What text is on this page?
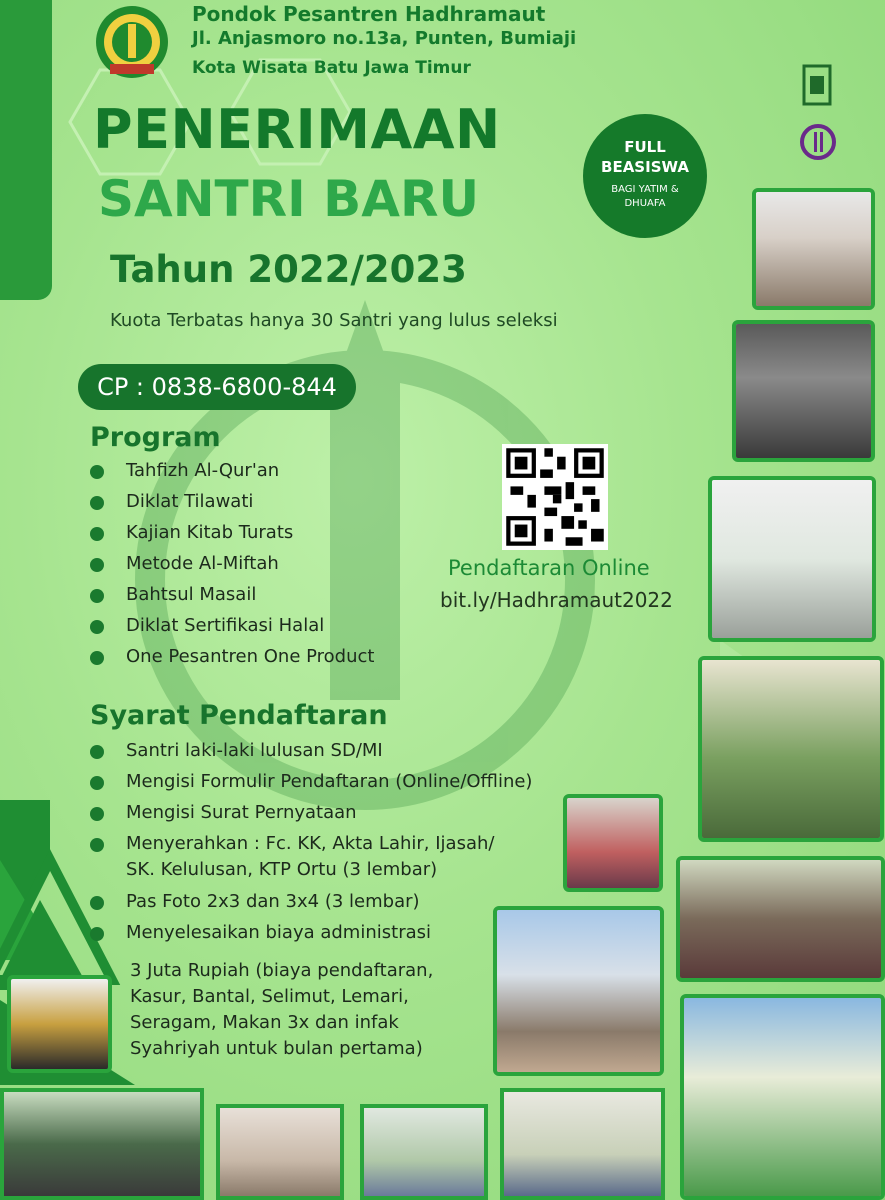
Pondok Pesantren Hadhramaut
Jl. Anjasmoro no.13a, Punten, Bumiaji
Kota Wisata Batu Jawa Timur
PENERIMAAN
SANTRI BARU
Tahun 2022/2023
Kuota Terbatas hanya 30 Santri yang lulus seleksi
CP : 0838-6800-844
FULL
BEASISWA
BAGI YATIM &
DHUAFA
Program
Tahfizh Al-Qur'an
Diklat Tilawati
Kajian Kitab Turats
Metode Al-Miftah
Bahtsul Masail
Diklat Sertifikasi Halal
One Pesantren One Product
Syarat Pendaftaran
Santri laki-laki lulusan SD/MI
Mengisi Formulir Pendaftaran (Online/Offline)
Mengisi Surat Pernyataan
Menyerahkan : Fc. KK, Akta Lahir, Ijasah/
SK. Kelulusan, KTP Ortu (3 lembar)
Pas Foto 2x3 dan 3x4 (3 lembar)
Menyelesaikan biaya administrasi
3 Juta Rupiah (biaya pendaftaran,
Kasur, Bantal, Selimut, Lemari,
Seragam, Makan 3x dan infak
Syahriyah untuk bulan pertama)
Pendaftaran Online
bit.ly/Hadhramaut2022
